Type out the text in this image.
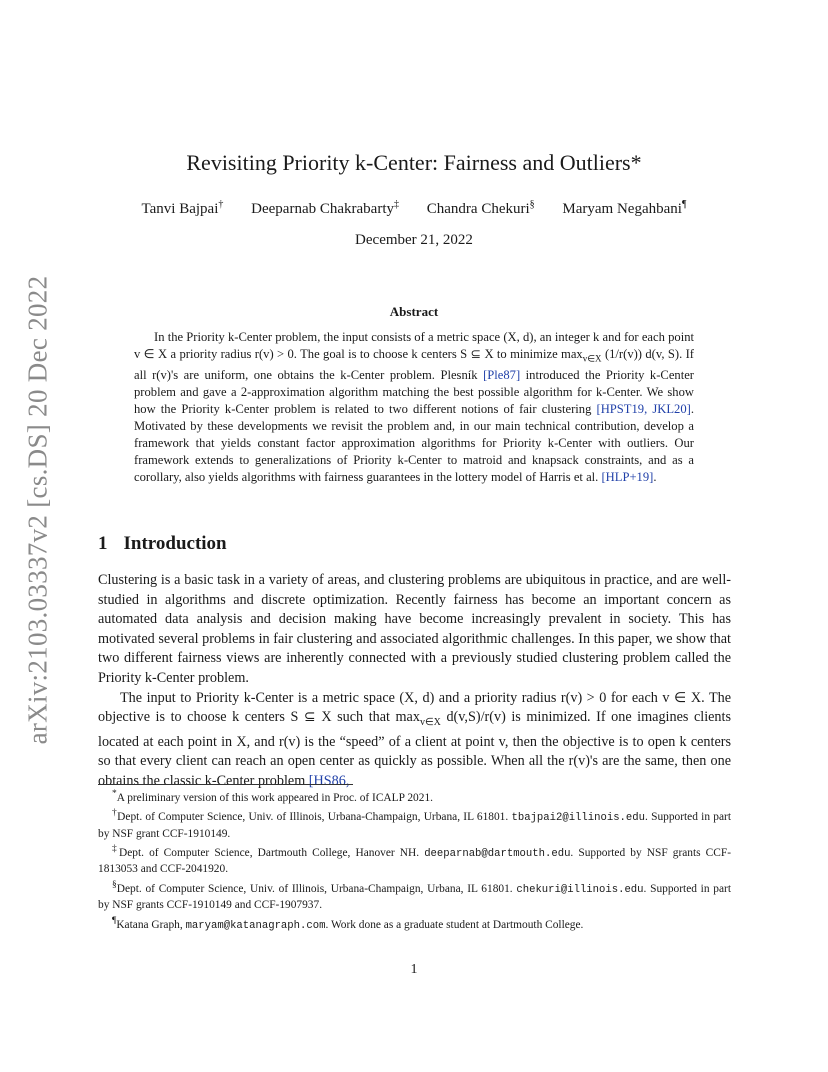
arXiv:2103.03337v2 [cs.DS] 20 Dec 2022
Revisiting Priority k-Center: Fairness and Outliers*
Tanvi Bajpai† Deeparnab Chakrabarty‡ Chandra Chekuri§ Maryam Negahbani¶
December 21, 2022
Abstract

In the Priority k-Center problem, the input consists of a metric space (X, d), an integer k and for each point v ∈ X a priority radius r(v) > 0. The goal is to choose k centers S ⊆ X to minimize $\max_{v\in X} (1/r(v))$ d(v, S). If all r(v)'s are uniform, one obtains the k-Center problem. Plesník [Ple87] introduced the Priority k-Center problem and gave a 2-approximation algorithm matching the best possible algorithm for k-Center. We show how the Priority k-Center problem is related to two different notions of fair clustering [HPST19, JKL20]. Motivated by these developments we revisit the problem and, in our main technical contribution, develop a framework that yields constant factor approximation algorithms for Priority k-Center with outliers. Our framework extends to generalizations of Priority k-Center to matroid and knapsack constraints, and as a corollary, also yields algorithms with fairness guarantees in the lottery model of Harris et al. [HLP+19].

1 Introduction

Clustering is a basic task in a variety of areas, and clustering problems are ubiquitous in practice, and are well-studied in algorithms and discrete optimization. Recently fairness has become an important concern as automated data analysis and decision making have become increasingly prevalent in society. This has motivated several problems in fair clustering and associated algorithmic challenges. In this paper, we show that two different fairness views are inherently connected with a previously studied clustering problem called the Priority k-Center problem.

The input to Priority k-Center is a metric space (X, d) and a priority radius r(v) > 0 for each v ∈ X. The objective is to choose k centers S ⊆ X such that $\max_{v\in X} d(v,S)/r(v)$ is minimized. If one imagines clients located at each point in X, and r(v) is the “speed” of a client at point v, then the objective is to open k centers so that every client can reach an open center as quickly as possible. When all the r(v)'s are the same, then one obtains the classic k-Center problem [HS86,

*A preliminary version of this work appeared in Proc. of ICALP 2021.

†Dept. of Computer Science, Univ. of Illinois, Urbana-Champaign, Urbana, IL 61801. tbajpai2@illinois.edu. Supported in part by NSF grant CCF-1910149.

‡Dept. of Computer Science, Dartmouth College, Hanover NH. deeparnab@dartmouth.edu. Supported by NSF grants CCF-1813053 and CCF-2041920.

§Dept. of Computer Science, Univ. of Illinois, Urbana-Champaign, Urbana, IL 61801. chekuri@illinois.edu. Supported in part by NSF grants CCF-1910149 and CCF-1907937.

¶Katana Graph, maryam@katanagraph.com. Work done as a graduate student at Dartmouth College.

1
